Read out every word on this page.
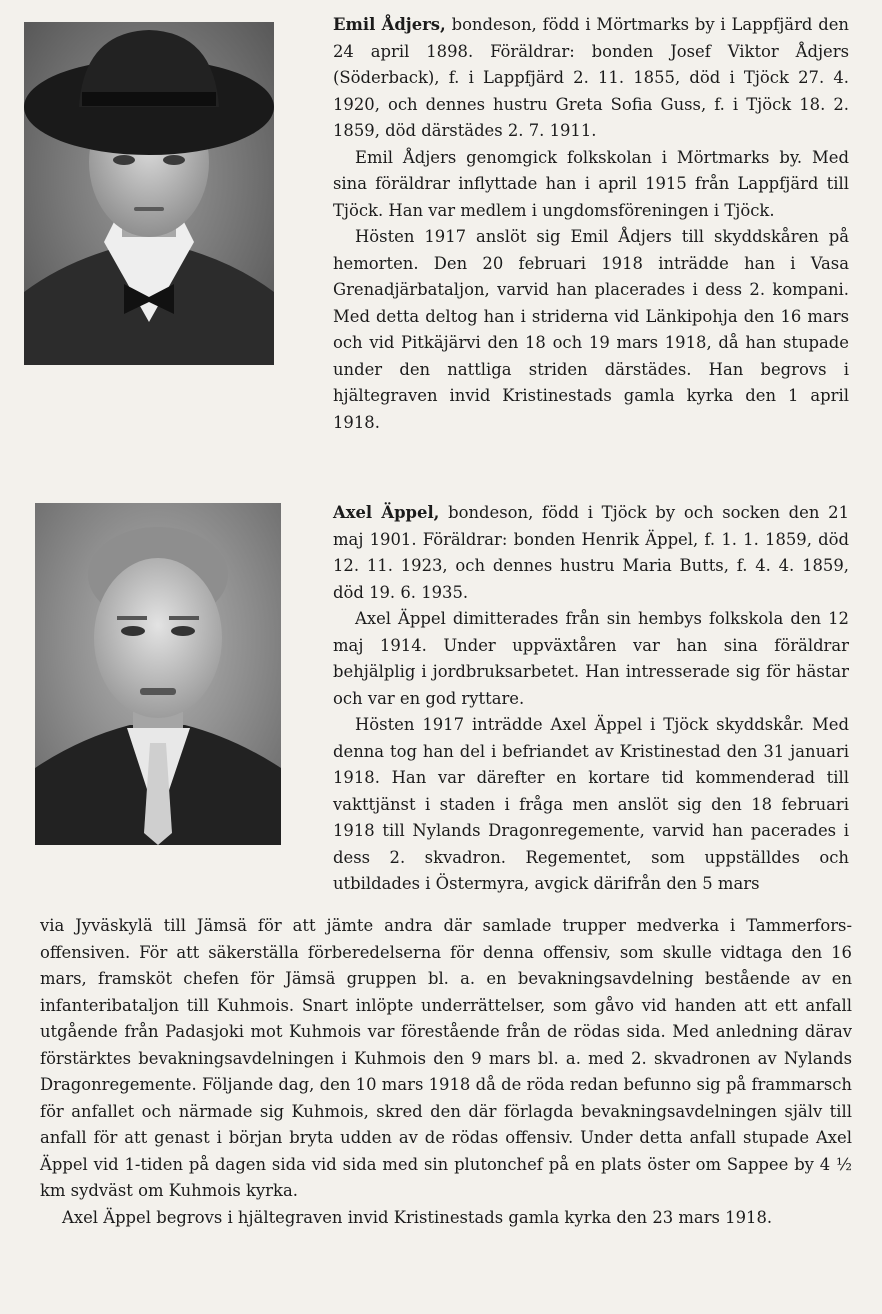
Emil Ådjers, bondeson, född i Mörtmarks by i Lappfjärd den 24 april 1898. Föräldrar: bonden Josef Viktor Ådjers (Söderback), f. i Lappfjärd 2. 11. 1855, död i Tjöck 27. 4. 1920, och dennes hustru Greta Sofia Guss, f. i Tjöck 18. 2. 1859, död därstädes 2. 7. 1911.

Emil Ådjers genomgick folkskolan i Mörtmarks by. Med sina föräldrar inflyttade han i april 1915 från Lappfjärd till Tjöck. Han var medlem i ungdomsföreningen i Tjöck.

Hösten 1917 anslöt sig Emil Ådjers till skyddskåren på hemorten. Den 20 februari 1918 inträdde han i Vasa Grenadjärbataljon, varvid han placerades i dess 2. kompani. Med detta deltog han i striderna vid Länkipohja den 16 mars och vid Pitkäjärvi den 18 och 19 mars 1918, då han stupade under den nattliga striden därstädes. Han begrovs i hjältegraven invid Kristinestads gamla kyrka den 1 april 1918.

Axel Äppel, bondeson, född i Tjöck by och socken den 21 maj 1901. Föräldrar: bonden Henrik Äppel, f. 1. 1. 1859, död 12. 11. 1923, och dennes hustru Maria Butts, f. 4. 4. 1859, död 19. 6. 1935.

Axel Äppel dimitterades från sin hembys folkskola den 12 maj 1914. Under uppväxtåren var han sina föräldrar behjälplig i jordbruksarbetet. Han intresserade sig för hästar och var en god ryttare.

Hösten 1917 inträdde Axel Äppel i Tjöck skyddskår. Med denna tog han del i befriandet av Kristinestad den 31 januari 1918. Han var därefter en kortare tid kommenderad till vakttjänst i staden i fråga men anslöt sig den 18 februari 1918 till Nylands Dragonregemente, varvid han pacerades i dess 2. skvadron. Regementet, som uppställdes och utbildades i Östermyra, avgick därifrån den 5 mars

via Jyväskylä till Jämsä för att jämte andra där samlade trupper medverka i Tammerfors-offensiven. För att säkerställa förberedelserna för denna offensiv, som skulle vidtaga den 16 mars, framsköt chefen för Jämsä gruppen bl. a. en bevakningsavdelning bestående av en infanteribataljon till Kuhmois. Snart inlöpte underrättelser, som gåvo vid handen att ett anfall utgående från Padasjoki mot Kuhmois var förestående från de rödas sida. Med anledning därav förstärktes bevakningsavdelningen i Kuhmois den 9 mars bl. a. med 2. skvadronen av Nylands Dragonregemente. Följande dag, den 10 mars 1918 då de röda redan befunno sig på frammarsch för anfallet och närmade sig Kuhmois, skred den där förlagda bevakningsavdelningen själv till anfall för att genast i början bryta udden av de rödas offensiv. Under detta anfall stupade Axel Äppel vid 1-tiden på dagen sida vid sida med sin plutonchef på en plats öster om Sappee by 4 ½ km sydväst om Kuhmois kyrka.

Axel Äppel begrovs i hjältegraven invid Kristinestads gamla kyrka den 23 mars 1918.
